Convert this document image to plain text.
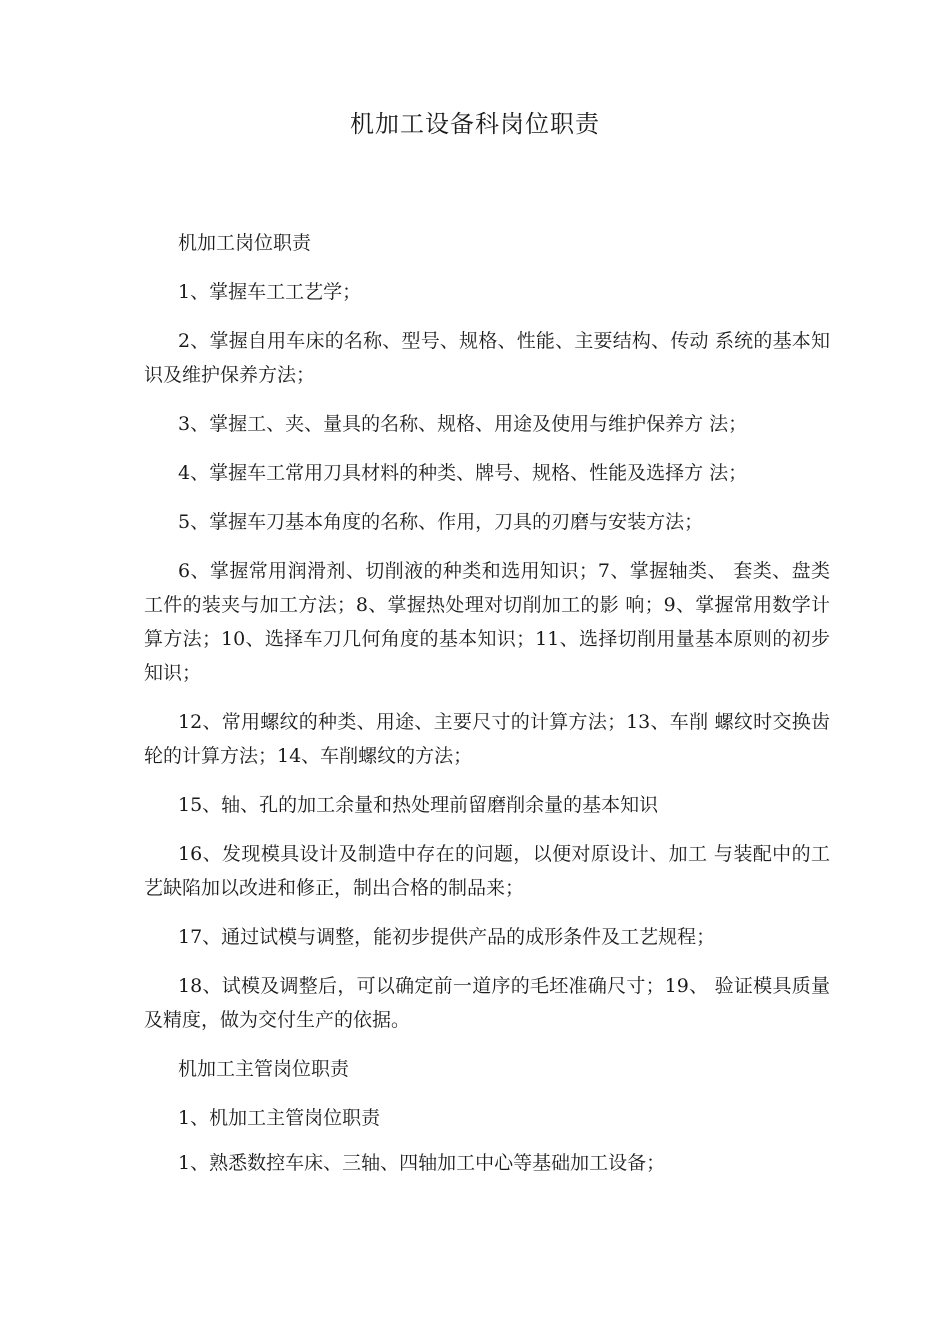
机加工设备科岗位职责

机加工岗位职责

1、掌握车工工艺学；

2、掌握自用车床的名称、型号、规格、性能、主要结构、传动 系统的基本知识及维护保养方法；

3、掌握工、夹、量具的名称、规格、用途及使用与维护保养方 法；

4、掌握车工常用刀具材料的种类、牌号、规格、性能及选择方 法；

5、掌握车刀基本角度的名称、作用，刀具的刃磨与安装方法；

6、掌握常用润滑剂、切削液的种类和选用知识；7、掌握轴类、 套类、盘类工件的装夹与加工方法；8、掌握热处理对切削加工的影 响；9、掌握常用数学计算方法；10、选择车刀几何角度的基本知识；11、选择切削用量基本原则的初步知识；

12、常用螺纹的种类、用途、主要尺寸的计算方法；13、车削 螺纹时交换齿轮的计算方法；14、车削螺纹的方法；

15、轴、孔的加工余量和热处理前留磨削余量的基本知识

16、发现模具设计及制造中存在的问题，以便对原设计、加工 与装配中的工艺缺陷加以改进和修正，制出合格的制品来；

17、通过试模与调整，能初步提供产品的成形条件及工艺规程；

18、试模及调整后，可以确定前一道序的毛坯准确尺寸；19、 验证模具质量及精度，做为交付生产的依据。

机加工主管岗位职责

1、机加工主管岗位职责

1、熟悉数控车床、三轴、四轴加工中心等基础加工设备；
